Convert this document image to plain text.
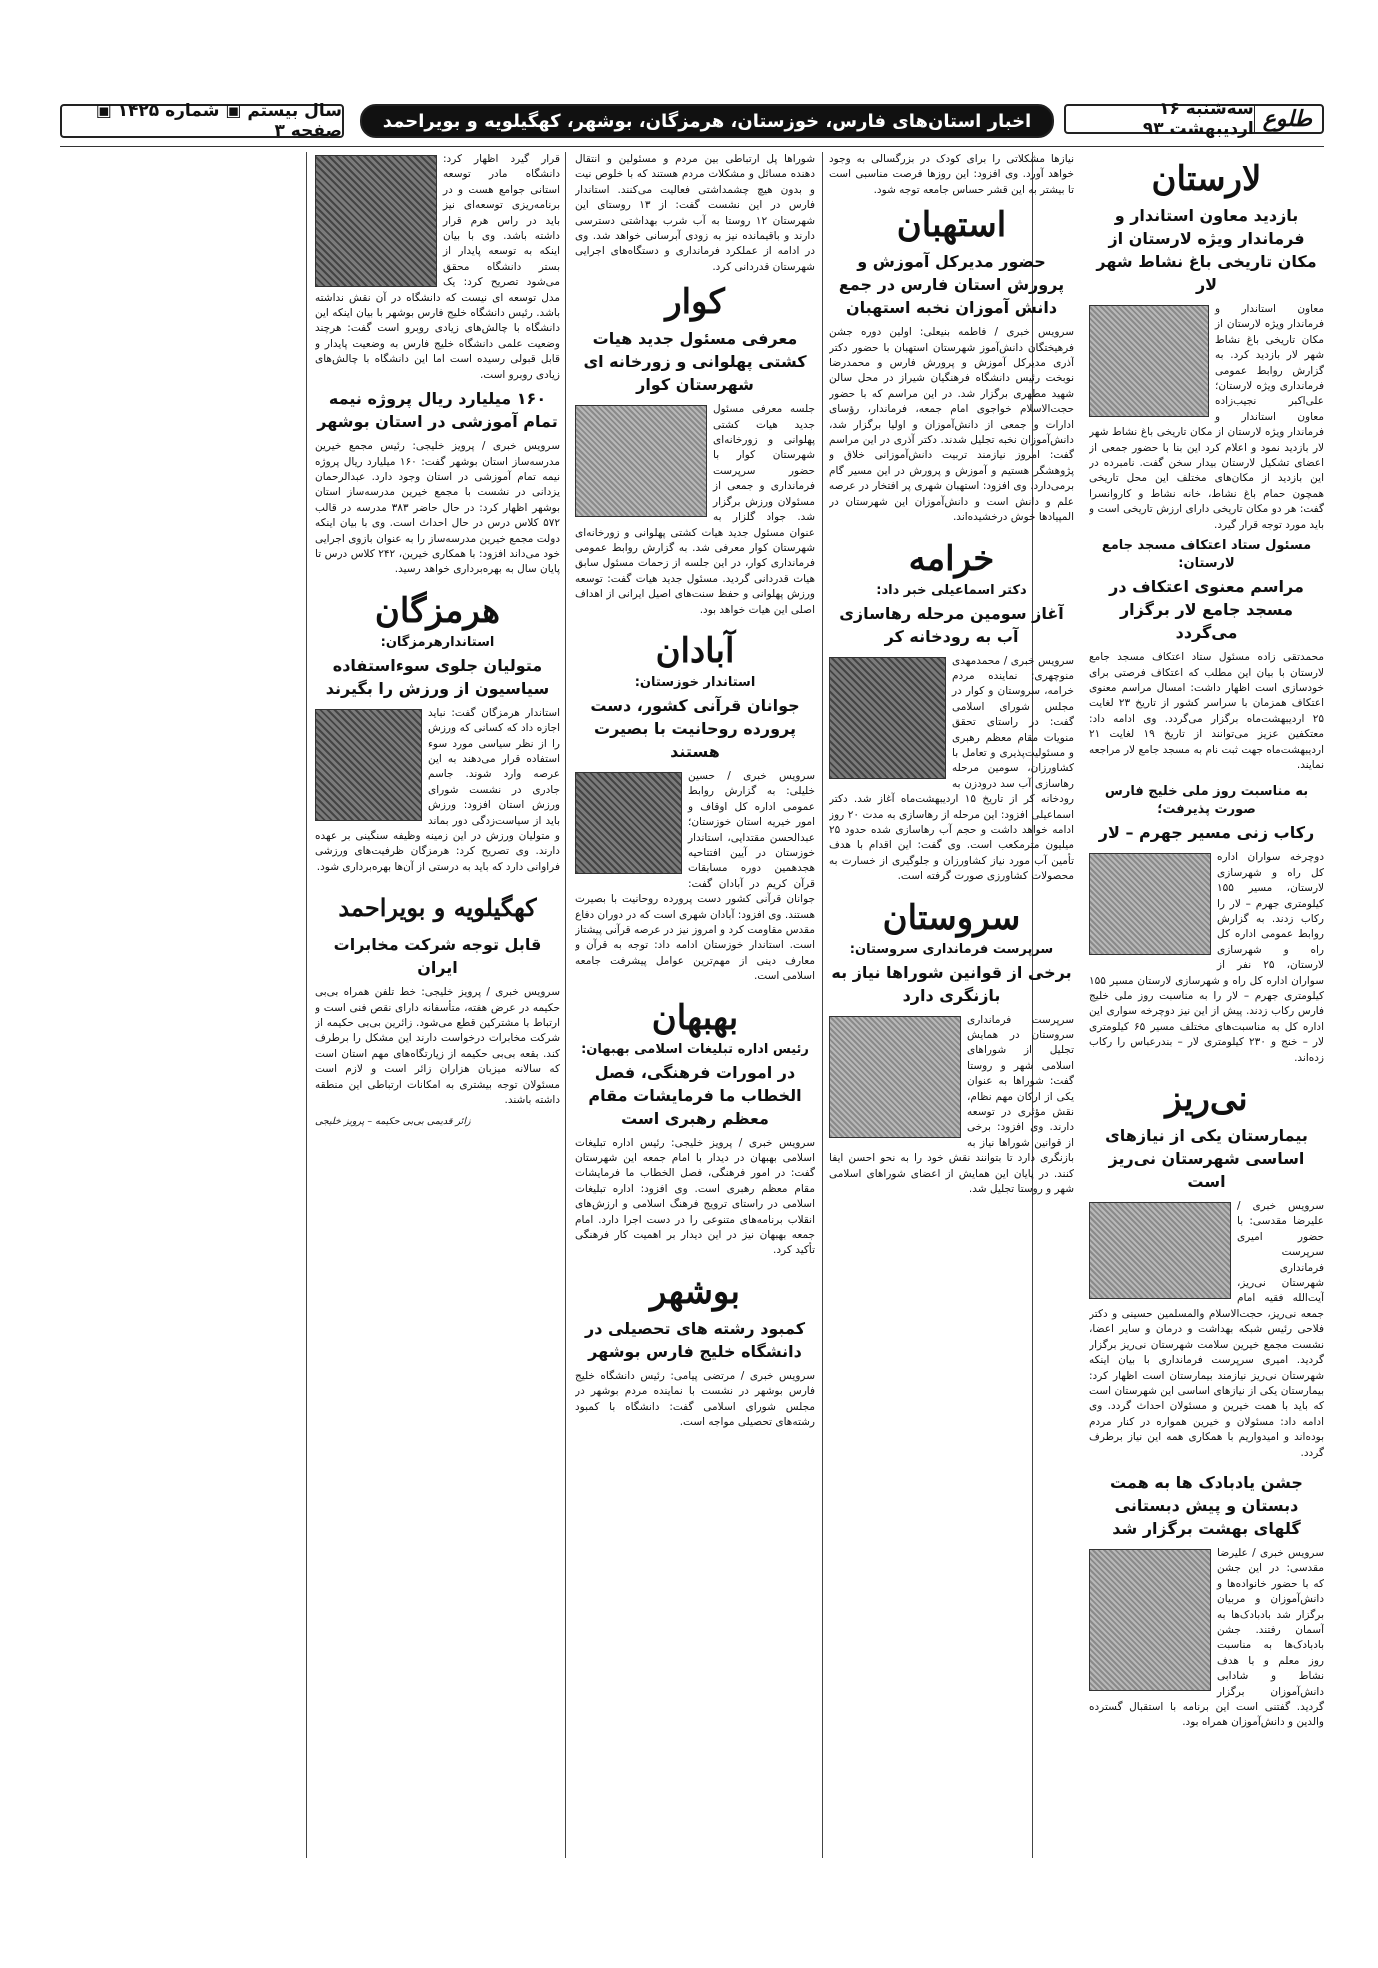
طلوع
سه‌شنبه ۱۶ اردیبهشت ۹۳
اخبار استان‌های فارس، خوزستان، هرمزگان، بوشهر، کهگیلویه و بویراحمد
سال بیستم ▣ شماره ۱۴۲۵ ▣ صفحه ۳
لارستان
بازدید معاون استاندار و فرماندار ویژه لارستان از مکان تاریخی باغ نشاط شهر لار

معاون استاندار و فرماندار ویژه لارستان از مکان تاریخی باغ نشاط شهر لار بازدید کرد. به گزارش روابط عمومی فرمانداری ویژه لارستان؛ علی‌اکبر نجیب‌زاده معاون استاندار و فرماندار ویژه لارستان از مکان تاریخی باغ نشاط شهر لار بازدید نمود و اعلام کرد این بنا با حضور جمعی از اعضای تشکیل لارستان بیدار سخن گفت. نامبرده در این بازدید از مکان‌های مختلف این محل تاریخی همچون حمام باغ نشاط، خانه نشاط و کاروانسرا گفت: هر دو مکان تاریخی دارای ارزش تاریخی است و باید مورد توجه قرار گیرد.

مسئول ستاد اعتکاف مسجد جامع لارستان:
مراسم معنوی اعتکاف در مسجد جامع لار برگزار می‌گردد

محمدتقی زاده مسئول ستاد اعتکاف مسجد جامع لارستان با بیان این مطلب که اعتکاف فرصتی برای خودسازی است اظهار داشت: امسال مراسم معنوی اعتکاف همزمان با سراسر کشور از تاریخ ۲۳ لغایت ۲۵ اردیبهشت‌ماه برگزار می‌گردد. وی ادامه داد: معتکفین عزیز می‌توانند از تاریخ ۱۹ لغایت ۲۱ اردیبهشت‌ماه جهت ثبت نام به مسجد جامع لار مراجعه نمایند.

به مناسبت روز ملی خلیج فارس صورت پذیرفت؛
رکاب زنی مسیر جهرم – لار

دوچرخه سواران اداره کل راه و شهرسازی لارستان، مسیر ۱۵۵ کیلومتری جهرم – لار را رکاب زدند. به گزارش روابط عمومی اداره کل راه و شهرسازی لارستان، ۲۵ نفر از سواران اداره کل راه و شهرسازی لارستان مسیر ۱۵۵ کیلومتری جهرم – لار را به مناسبت روز ملی خلیج فارس رکاب زدند. پیش از این نیز دوچرخه سواری این اداره کل به مناسبت‌های مختلف مسیر ۶۵ کیلومتری لار – خنج و ۲۳۰ کیلومتری لار – بندرعباس را رکاب زده‌اند.

نی‌ریز
بیمارستان یکی از نیازهای اساسی شهرستان نی‌ریز است

سرویس خبری / علیرضا مقدسی: با حضور امیری سرپرست فرمانداری شهرستان نی‌ریز، آیت‌الله فقیه امام جمعه نی‌ریز، حجت‌الاسلام والمسلمین حسینی و دکتر فلاحی رئیس شبکه بهداشت و درمان و سایر اعضا، نشست مجمع خیرین سلامت شهرستان نی‌ریز برگزار گردید. امیری سرپرست فرمانداری با بیان اینکه شهرستان نی‌ریز نیازمند بیمارستان است اظهار کرد: بیمارستان یکی از نیازهای اساسی این شهرستان است که باید با همت خیرین و مسئولان احداث گردد. وی ادامه داد: مسئولان و خیرین همواره در کنار مردم بوده‌اند و امیدواریم با همکاری همه این نیاز برطرف گردد.

جشن یادبادک ها به همت دبستان و پیش دبستانی گلهای بهشت برگزار شد

سرویس خبری / علیرضا مقدسی: در این جشن که با حضور خانواده‌ها و دانش‌آموزان و مربیان برگزار شد بادبادک‌ها به آسمان رفتند. جشن بادبادک‌ها به مناسبت روز معلم و با هدف نشاط و شادابی دانش‌آموزان برگزار گردید. گفتنی است این برنامه با استقبال گسترده والدین و دانش‌آموزان همراه بود.

نیازها مشکلاتی را برای کودک در بزرگسالی به وجود خواهد آورد. وی افزود: این روزها فرصت مناسبی است تا بیشتر به این قشر حساس جامعه توجه شود.

استهبان
حضور مدیرکل آموزش و پرورش استان فارس در جمع دانش آموزان نخبه استهبان

سرویس خبری / فاطمه بنیعلی: اولین دوره جشن فرهیختگان دانش‌آموز شهرستان استهبان با حضور دکتر آذری مدیرکل آموزش و پرورش فارس و محمدرضا نوبخت رئیس دانشگاه فرهنگیان شیراز در محل سالن شهید مطهری برگزار شد. در این مراسم که با حضور حجت‌الاسلام خواجوی امام جمعه، فرماندار، رؤسای ادارات و جمعی از دانش‌آموزان و اولیا برگزار شد، دانش‌آموزان نخبه تجلیل شدند. دکتر آذری در این مراسم گفت: امروز نیازمند تربیت دانش‌آموزانی خلاق و پژوهشگر هستیم و آموزش و پرورش در این مسیر گام برمی‌دارد. وی افزود: استهبان شهری پر افتخار در عرصه علم و دانش است و دانش‌آموزان این شهرستان در المپیادها خوش درخشیده‌اند.

خرامه
دکتر اسماعیلی خبر داد:
آغاز سومین مرحله رهاسازی آب به رودخانه کر

سرویس خبری / محمدمهدی منوچهری: نماینده مردم خرامه، سروستان و کوار در مجلس شورای اسلامی گفت: در راستای تحقق منویات مقام معظم رهبری و مسئولیت‌پذیری و تعامل با کشاورزان، سومین مرحله رهاسازی آب سد درودزن به رودخانه کر از تاریخ ۱۵ اردیبهشت‌ماه آغاز شد. دکتر اسماعیلی افزود: این مرحله از رهاسازی به مدت ۲۰ روز ادامه خواهد داشت و حجم آب رهاسازی شده حدود ۲۵ میلیون مترمکعب است. وی گفت: این اقدام با هدف تأمین آب مورد نیاز کشاورزان و جلوگیری از خسارت به محصولات کشاورزی صورت گرفته است.

سروستان
سرپرست فرمانداری سروستان:
برخی از قوانین شوراها نیاز به بازنگری دارد

سرپرست فرمانداری سروستان در همایش تجلیل از شوراهای اسلامی شهر و روستا گفت: شوراها به عنوان یکی از ارکان مهم نظام، نقش مؤثری در توسعه دارند. وی افزود: برخی از قوانین شوراها نیاز به بازنگری دارد تا بتوانند نقش خود را به نحو احسن ایفا کنند. در پایان این همایش از اعضای شوراهای اسلامی شهر و روستا تجلیل شد.

شوراها پل ارتباطی بین مردم و مسئولین و انتقال دهنده مسائل و مشکلات مردم هستند که با خلوص نیت و بدون هیچ چشمداشتی فعالیت می‌کنند. استاندار فارس در این نشست گفت: از ۱۳ روستای این شهرستان ۱۲ روستا به آب شرب بهداشتی دسترسی دارند و باقیمانده نیز به زودی آبرسانی خواهد شد. وی در ادامه از عملکرد فرمانداری و دستگاه‌های اجرایی شهرستان قدردانی کرد.

کوار
معرفی مسئول جدید هیات کشتی پهلوانی و زورخانه ای شهرستان کوار

جلسه معرفی مسئول جدید هیات کشتی پهلوانی و زورخانه‌ای شهرستان کوار با حضور سرپرست فرمانداری و جمعی از مسئولان ورزش برگزار شد. جواد گلزار به عنوان مسئول جدید هیات کشتی پهلوانی و زورخانه‌ای شهرستان کوار معرفی شد. به گزارش روابط عمومی فرمانداری کوار، در این جلسه از زحمات مسئول سابق هیات قدردانی گردید. مسئول جدید هیات گفت: توسعه ورزش پهلوانی و حفظ سنت‌های اصیل ایرانی از اهداف اصلی این هیات خواهد بود.

آبادان
استاندار خوزستان:
جوانان قرآنی کشور، دست پرورده روحانیت با بصیرت هستند

سرویس خبری / حسین خلیلی: به گزارش روابط عمومی اداره کل اوقاف و امور خیریه استان خوزستان؛ عبدالحسن مقتدایی، استاندار خوزستان در آیین افتتاحیه هجدهمین دوره مسابقات قرآن کریم در آبادان گفت: جوانان قرآنی کشور دست پرورده روحانیت با بصیرت هستند. وی افزود: آبادان شهری است که در دوران دفاع مقدس مقاومت کرد و امروز نیز در عرصه قرآنی پیشتاز است. استاندار خوزستان ادامه داد: توجه به قرآن و معارف دینی از مهم‌ترین عوامل پیشرفت جامعه اسلامی است.

بهبهان
رئیس اداره تبلیغات اسلامی بهبهان:
در امورات فرهنگی، فصل الخطاب ما فرمایشات مقام معظم رهبری است

سرویس خبری / پرویز خلیجی: رئیس اداره تبلیغات اسلامی بهبهان در دیدار با امام جمعه این شهرستان گفت: در امور فرهنگی، فصل الخطاب ما فرمایشات مقام معظم رهبری است. وی افزود: اداره تبلیغات اسلامی در راستای ترویج فرهنگ اسلامی و ارزش‌های انقلاب برنامه‌های متنوعی را در دست اجرا دارد. امام جمعه بهبهان نیز در این دیدار بر اهمیت کار فرهنگی تأکید کرد.

بوشهر
کمبود رشته های تحصیلی در دانشگاه خلیج فارس بوشهر

سرویس خبری / مرتضی پیامی: رئیس دانشگاه خلیج فارس بوشهر در نشست با نماینده مردم بوشهر در مجلس شورای اسلامی گفت: دانشگاه با کمبود رشته‌های تحصیلی مواجه است.

قرار گیرد اظهار کرد: دانشگاه مادر توسعه استانی جوامع هست و در برنامه‌ریزی توسعه‌ای نیز باید در راس هرم قرار داشته باشد. وی با بیان اینکه به توسعه پایدار از بستر دانشگاه محقق می‌شود تصریح کرد: یک مدل توسعه ای نیست که دانشگاه در آن نقش نداشته باشد. رئیس دانشگاه خلیج فارس بوشهر با بیان اینکه این دانشگاه با چالش‌های زیادی روبرو است گفت: هرچند وضعیت علمی دانشگاه خلیج فارس به وضعیت پایدار و قابل قبولی رسیده است اما این دانشگاه با چالش‌های زیادی روبرو است.

۱۶۰ میلیارد ریال پروژه نیمه تمام آموزشی در استان بوشهر

سرویس خبری / پرویز خلیجی: رئیس مجمع خیرین مدرسه‌ساز استان بوشهر گفت: ۱۶۰ میلیارد ریال پروژه نیمه تمام آموزشی در استان وجود دارد. عبدالرحمان یزدانی در نشست با مجمع خیرین مدرسه‌ساز استان بوشهر اظهار کرد: در حال حاضر ۳۸۳ مدرسه در قالب ۵۷۲ کلاس درس در حال احداث است. وی با بیان اینکه دولت مجمع خیرین مدرسه‌ساز را به عنوان بازوی اجرایی خود می‌داند افزود: با همکاری خیرین، ۲۴۲ کلاس درس تا پایان سال به بهره‌برداری خواهد رسید.

هرمزگان
استاندارهرمزگان:
متولیان جلوی سوءاستفاده سیاسیون از ورزش را بگیرند

استاندار هرمزگان گفت: نباید اجازه داد که کسانی که ورزش را از نظر سیاسی مورد سوء استفاده قرار می‌دهند به این عرصه وارد شوند. جاسم جادری در نشست شورای ورزش استان افزود: ورزش باید از سیاست‌زدگی دور بماند و متولیان ورزش در این زمینه وظیفه سنگینی بر عهده دارند. وی تصریح کرد: هرمزگان ظرفیت‌های ورزشی فراوانی دارد که باید به درستی از آن‌ها بهره‌برداری شود.

کهگیلویه و بویراحمد
قابل توجه شرکت مخابرات ایران

سرویس خبری / پرویز خلیجی: خط تلفن همراه بی‌بی حکیمه در عرض هفته، متأسفانه دارای نقص فنی است و ارتباط با مشترکین قطع می‌شود. زائرین بی‌بی حکیمه از شرکت مخابرات درخواست دارند این مشکل را برطرف کند. بقعه بی‌بی حکیمه از زیارتگاه‌های مهم استان است که سالانه میزبان هزاران زائر است و لازم است مسئولان توجه بیشتری به امکانات ارتباطی این منطقه داشته باشند.

زائر قدیمی بی‌بی حکیمه – پرویز خلیجی
